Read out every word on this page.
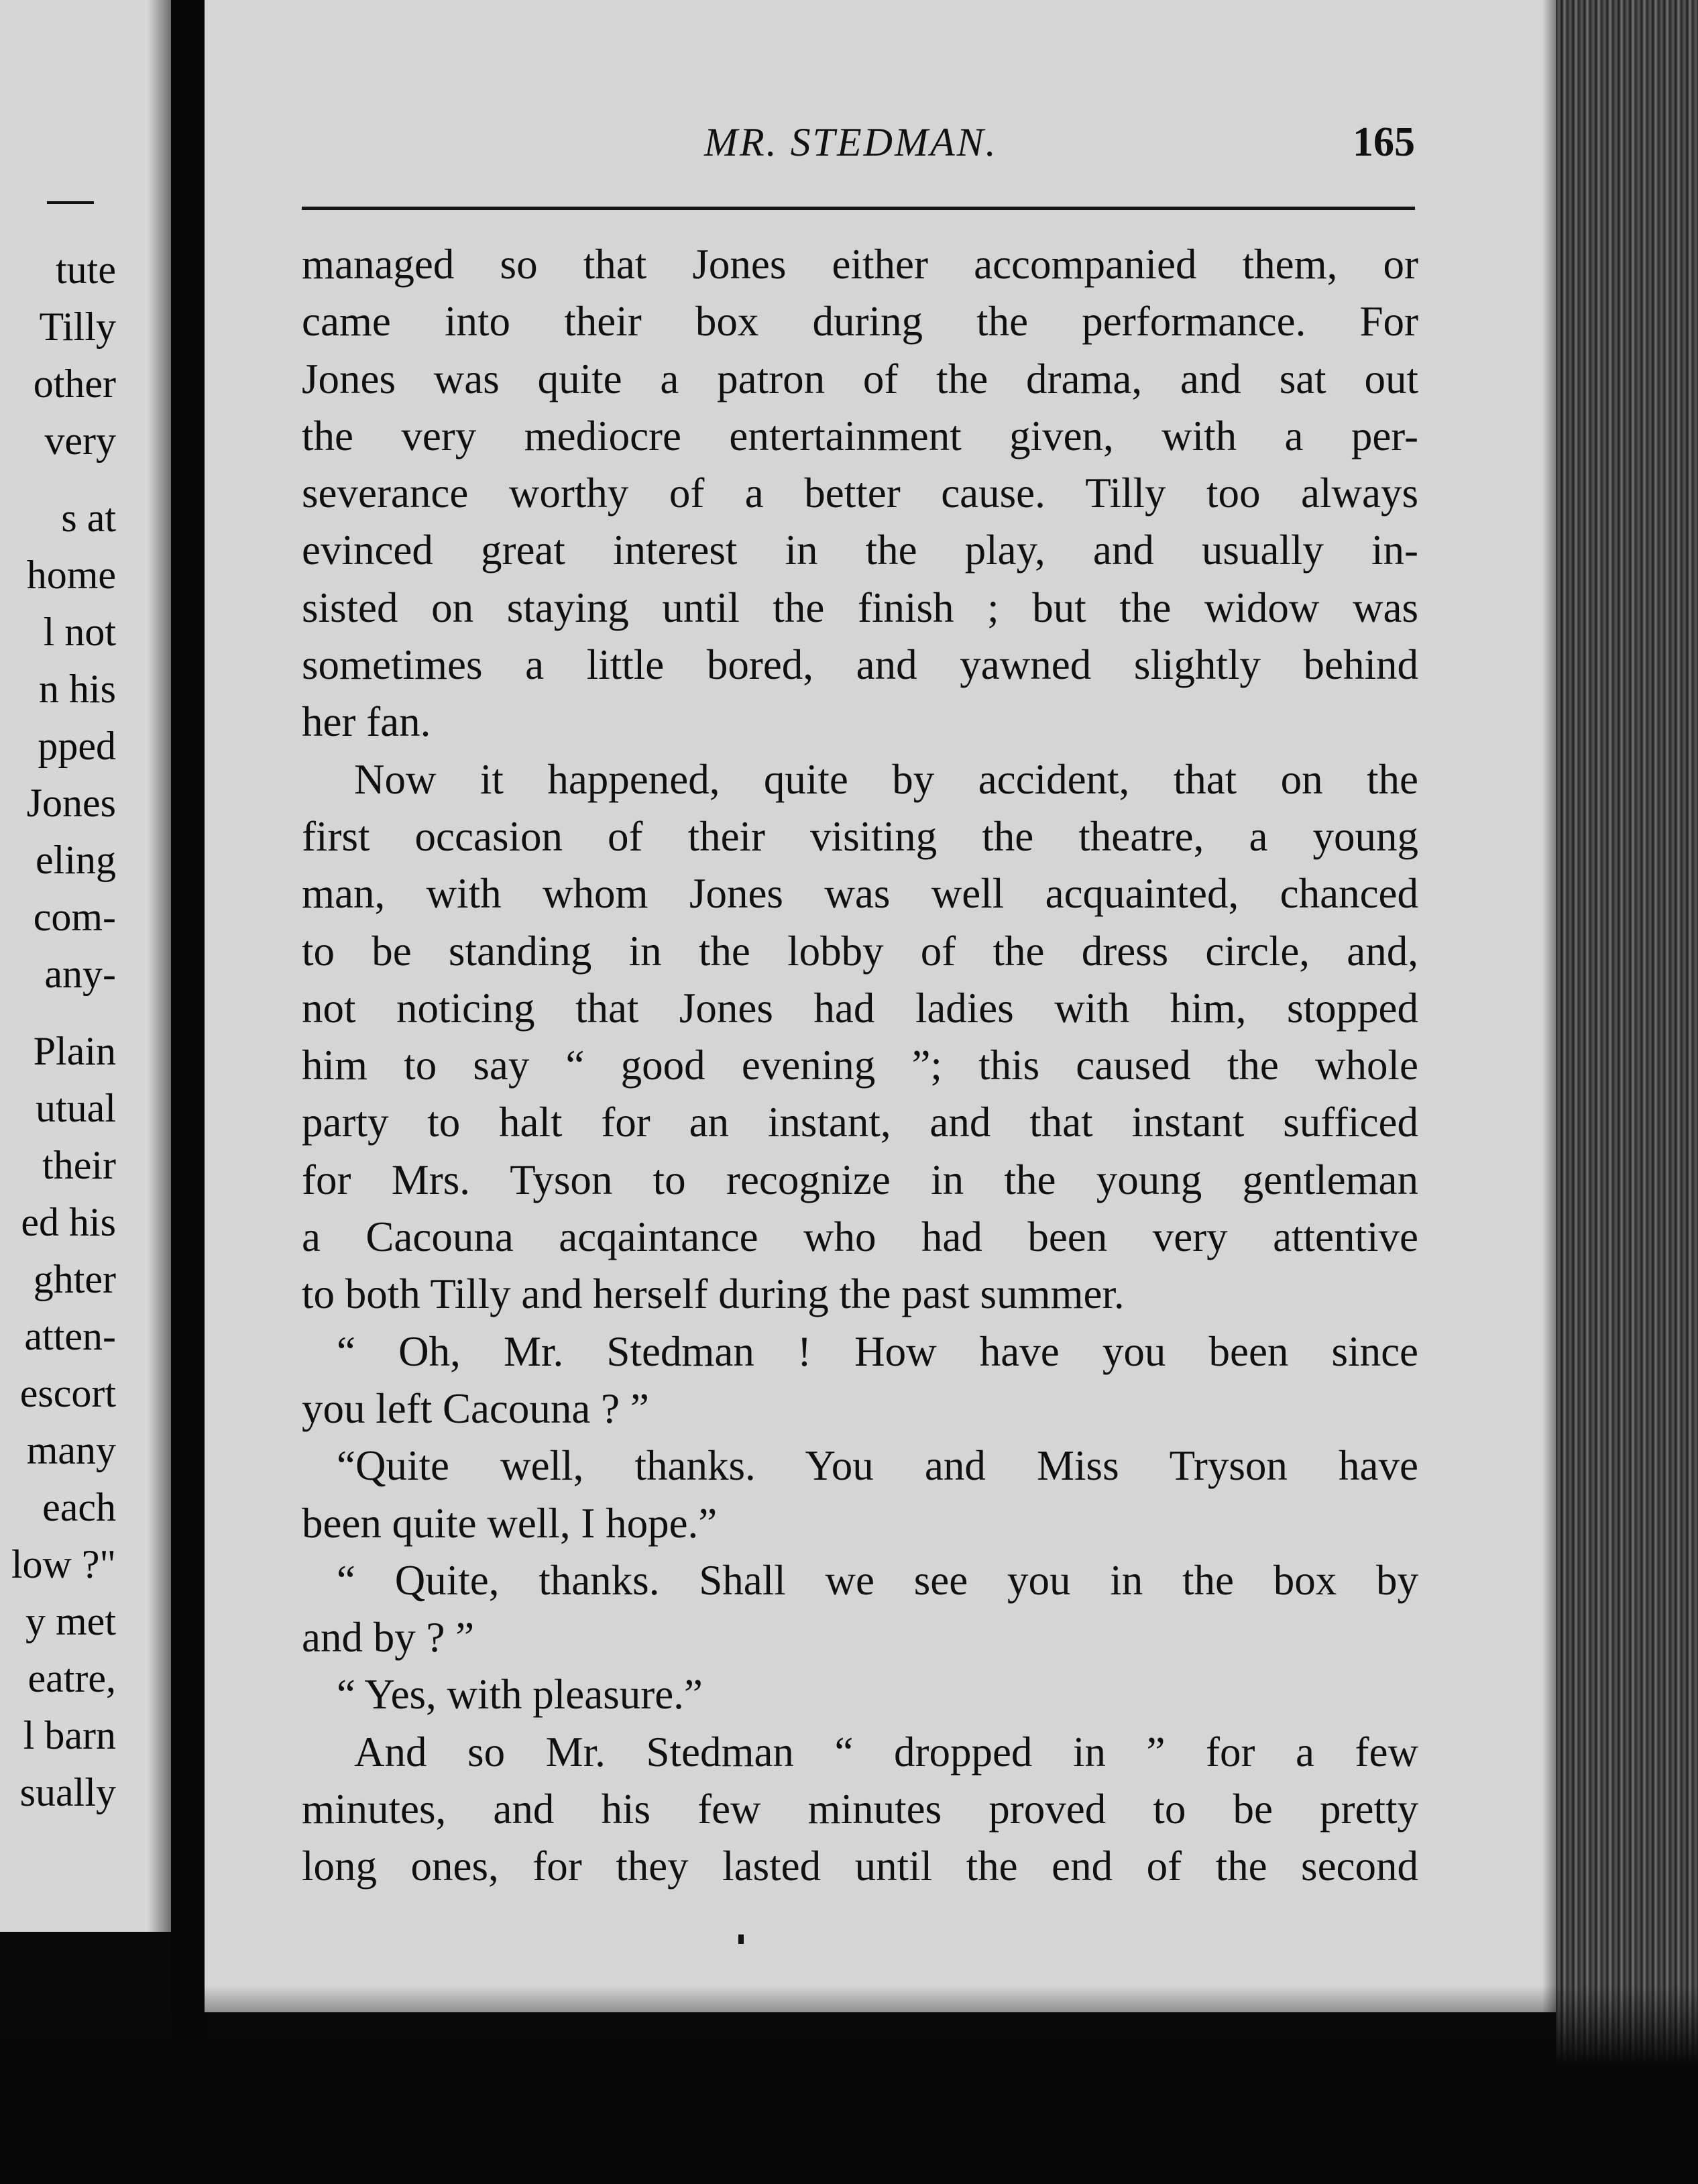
tute
Tilly
other
very
s at
home
l not
n his
pped
Jones
eling
com-
any-
Plain
utual
their
ed his
ghter
atten-
escort
many
each
low ?"
y met
eatre,
l barn
sually
MR. STEDMAN.	165
managed so that Jones either accompanied them, or
came into their box during the performance. For
Jones was quite a patron of the drama, and sat out
the very mediocre entertainment given, with a per-
severance worthy of a better cause. Tilly too always
evinced great interest in the play, and usually in-
sisted on staying until the finish ; but the widow was
sometimes a little bored, and yawned slightly behind
her fan.
Now it happened, quite by accident, that on the
first occasion of their visiting the theatre, a young
man, with whom Jones was well acquainted, chanced
to be standing in the lobby of the dress circle, and,
not noticing that Jones had ladies with him, stopped
him to say “ good evening ”; this caused the whole
party to halt for an instant, and that instant sufficed
for Mrs. Tyson to recognize in the young gentleman
a Cacouna acqaintance who had been very attentive
to both Tilly and herself during the past summer.
“ Oh, Mr. Stedman ! How have you been since
you left Cacouna ? ”
“Quite well, thanks. You and Miss Tryson have
been quite well, I hope.”
“ Quite, thanks. Shall we see you in the box by
and by ? ”
“ Yes, with pleasure.”
And so Mr. Stedman “ dropped in ” for a few
minutes, and his few minutes proved to be pretty
long ones, for they lasted until the end of the second
